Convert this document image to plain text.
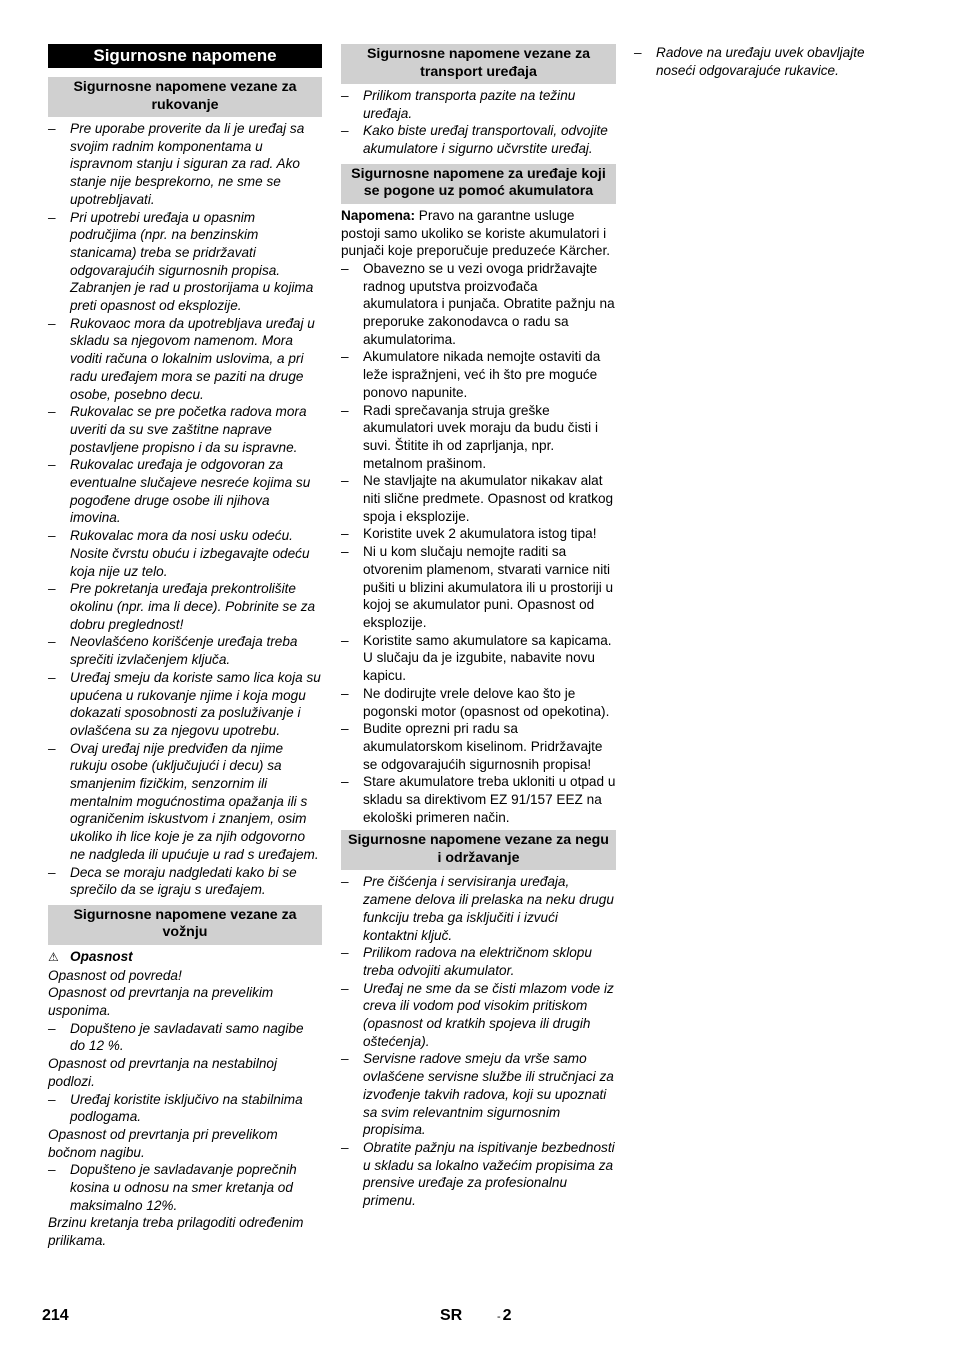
Sigurnosne napomene
Sigurnosne napomene vezane za rukovanje
– Pre uporabe proverite da li je uređaj sa svojim radnim komponentama u ispravnom stanju i siguran za rad. Ako stanje nije besprekorno, ne sme se upotrebljavati.
– Pri upotrebi uređaja u opasnim područjima (npr. na benzinskim stanicama) treba se pridržavati odgovarajućih sigurnosnih propisa. Zabranjen je rad u prostorijama u kojima preti opasnost od eksplozije.
– Rukovaoc mora da upotrebljava uređaj u skladu sa njegovom namenom. Mora voditi računa o lokalnim uslovima, a pri radu uređajem mora se paziti na druge osobe, posebno decu.
– Rukovalac se pre početka radova mora uveriti da su sve zaštitne naprave postavljene propisno i da su ispravne.
– Rukovalac uređaja je odgovoran za eventualne slučajeve nesreće kojima su pogođene druge osobe ili njihova imovina.
– Rukovalac mora da nosi usku odeću. Nosite čvrstu obuću i izbegavajte odeću koja nije uz telo.
– Pre pokretanja uređaja prekontrolišite okolinu (npr. ima li dece). Pobrinite se za dobru preglednost!
– Neovlašćeno korišćenje uređaja treba sprečiti izvlačenjem ključa.
– Uređaj smeju da koriste samo lica koja su upućena u rukovanje njime i koja mogu dokazati sposobnosti za posluživanje i ovlašćena su za njegovu upotrebu.
– Ovaj uređaj nije predviđen da njime rukuju osobe (uključujući i decu) sa smanjenim fizičkim, senzornim ili mentalnim mogućnostima opažanja ili s ograničenim iskustvom i znanjem, osim ukoliko ih lice koje je za njih odgovorno ne nadgleda ili upućuje u rad s uređajem.
– Deca se moraju nadgledati kako bi se sprečilo da se igraju s uređajem.
Sigurnosne napomene vezane za vožnju
⚠ Opasnost

Opasnost od povreda!

Opasnost od prevrtanja na prevelikim usponima.

– Dopušteno je savladavati samo nagibe do 12 %.

Opasnost od prevrtanja na nestabilnoj podlozi.

– Uređaj koristite isključivo na stabilnima podlogama.

Opasnost od prevrtanja pri prevelikom bočnom nagibu.

– Dopušteno je savladavanje poprečnih kosina u odnosu na smer kretanja od maksimalno 12%.

Brzinu kretanja treba prilagoditi određenim prilikama.

Sigurnosne napomene vezane za transport uređaja
– Prilikom transporta pazite na težinu uređaja.
– Kako biste uređaj transportovali, odvojite akumulatore i sigurno učvrstite uređaj.
Sigurnosne napomene za uređaje koji se pogone uz pomoć akumulatora

Napomena: Pravo na garantne usluge postoji samo ukoliko se koriste akumulatori i punjači koje preporučuje preduzeće Kärcher.

– Obavezno se u vezi ovoga pridržavajte radnog uputstva proizvođača akumulatora i punjača. Obratite pažnju na preporuke zakonodavca o radu sa akumulatorima.
– Akumulatore nikada nemojte ostaviti da leže ispražnjeni, već ih što pre moguće ponovo napunite.
– Radi sprečavanja struja greške akumulatori uvek moraju da budu čisti i suvi. Štitite ih od zaprljanja, npr. metalnom prašinom.
– Ne stavljajte na akumulator nikakav alat niti slične predmete. Opasnost od kratkog spoja i eksplozije.
– Koristite uvek 2 akumulatora istog tipa!
– Ni u kom slučaju nemojte raditi sa otvorenim plamenom, stvarati varnice niti pušiti u blizini akumulatora ili u prostoriji u kojoj se akumulator puni. Opasnost od eksplozije.
– Koristite samo akumulatore sa kapicama. U slučaju da je izgubite, nabavite novu kapicu.
– Ne dodirujte vrele delove kao što je pogonski motor (opasnost od opekotina).
– Budite oprezni pri radu sa akumulatorskom kiselinom. Pridržavajte se odgovarajućih sigurnosnih propisa!
– Stare akumulatore treba ukloniti u otpad u skladu sa direktivom EZ 91/157 EEZ na ekološki primeren način.
Sigurnosne napomene vezane za negu i održavanje
– Pre čišćenja i servisiranja uređaja, zamene delova ili prelaska na neku drugu funkciju treba ga isključiti i izvući kontaktni ključ.
– Prilikom radova na električnom sklopu treba odvojiti akumulator.
– Uređaj ne sme da se čisti mlazom vode iz creva ili vodom pod visokim pritiskom (opasnost od kratkih spojeva ili drugih oštećenja).
– Servisne radove smeju da vrše samo ovlašćene servisne službe ili stručnjaci za izvođenje takvih radova, koji su upoznati sa svim relevantnim sigurnosnim propisima.
– Obratite pažnju na ispitivanje bezbednosti u skladu sa lokalno važećim propisima za prensive uređaje za profesionalnu primenu.
– Radove na uređaju uvek obavljajte noseći odgovarajuće rukavice.
214	SR	- 2
